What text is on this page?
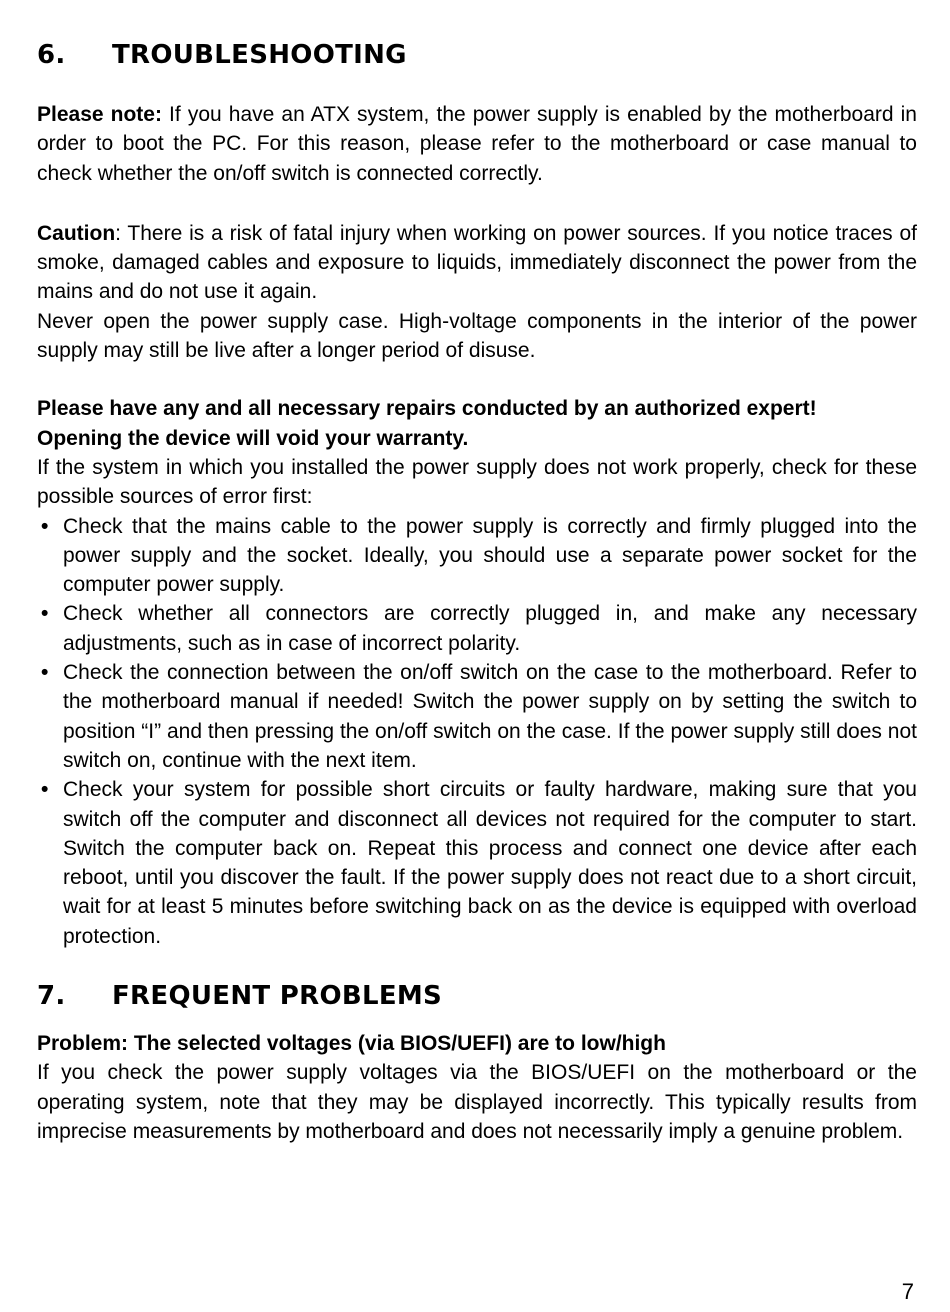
6.	TROUBLESHOOTING

Please note: If you have an ATX system, the power supply is enabled by the motherboard in order to boot the PC. For this reason, please refer to the motherboard or case manual to check whether the on/off switch is connected correctly.

Caution: There is a risk of fatal injury when working on power sources. If you notice traces of smoke, damaged cables and exposure to liquids, immediately disconnect the power from the mains and do not use it again.

Never open the power supply case. High-voltage components in the interior of the power supply may still be live after a longer period of disuse.

Please have any and all necessary repairs conducted by an authorized expert!

Opening the device will void your warranty.

If the system in which you installed the power supply does not work properly, check for these possible sources of error first:

• Check that the mains cable to the power supply is correctly and firmly plugged into the power supply and the socket. Ideally, you should use a separate power socket for the computer power supply.
• Check whether all connectors are correctly plugged in, and make any necessary adjustments, such as in case of incorrect polarity.
• Check the connection between the on/off switch on the case to the motherboard. Refer to the motherboard manual if needed! Switch the power supply on by setting the switch to position “I” and then pressing the on/off switch on the case. If the power supply still does not switch on, continue with the next item.
• Check your system for possible short circuits or faulty hardware, making sure that you switch off the computer and disconnect all devices not required for the computer to start. Switch the computer back on. Repeat this process and connect one device after each reboot, until you discover the fault. If the power supply does not react due to a short circuit, wait for at least 5 minutes before switching back on as the device is equipped with overload protection.
7.	FREQUENT PROBLEMS

Problem: The selected voltages (via BIOS/UEFI) are to low/high

If you check the power supply voltages via the BIOS/UEFI on the motherboard or the operating system, note that they may be displayed incorrectly. This typically results from imprecise measurements by motherboard and does not necessarily imply a genuine problem.

7
